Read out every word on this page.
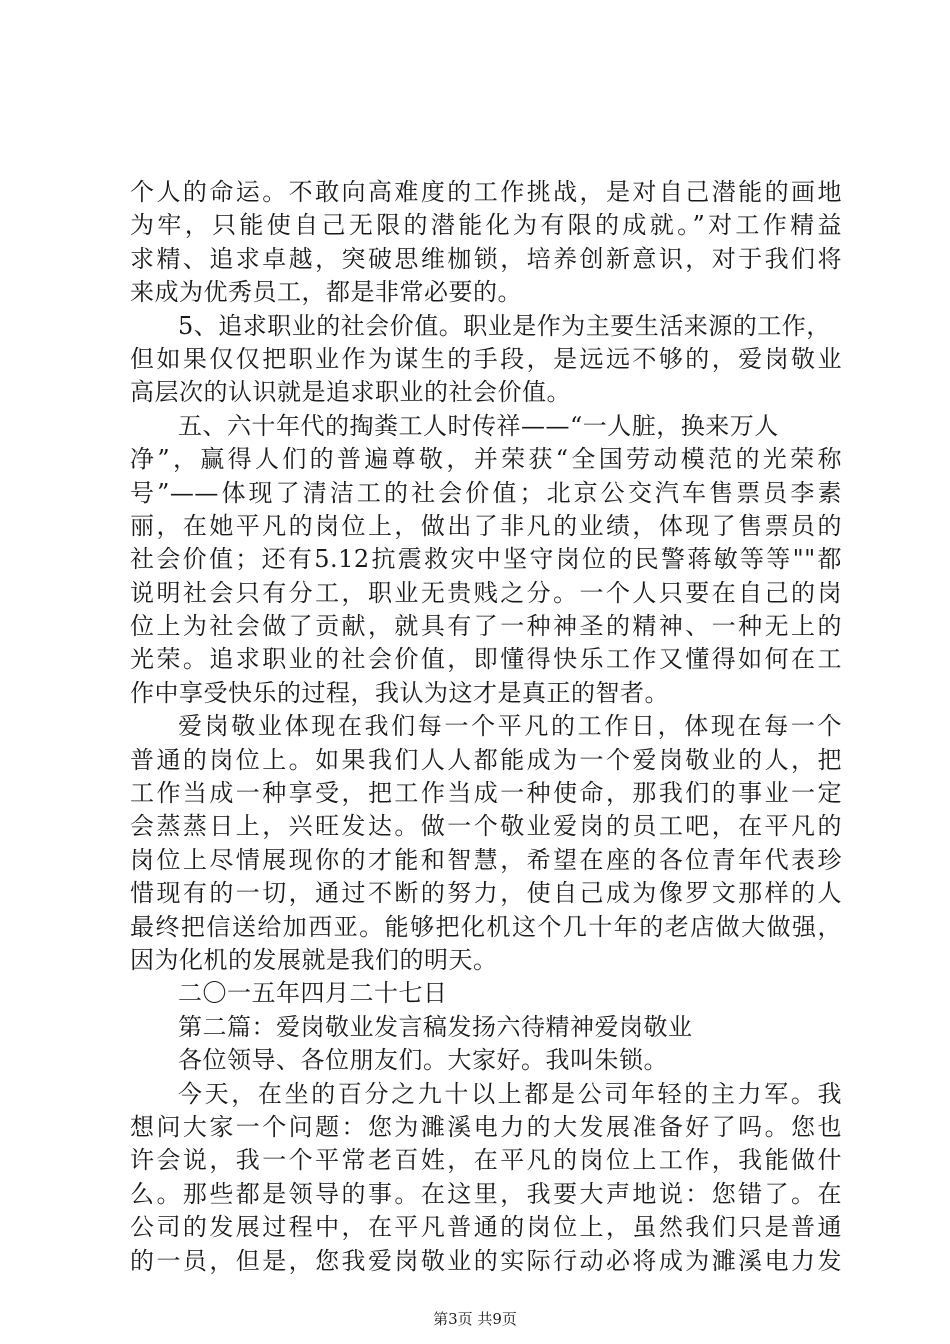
个人的命运。不敢向高难度的工作挑战，是对自己潜能的画地
为牢，只能使自己无限的潜能化为有限的成就。”对工作精益
求精、追求卓越，突破思维枷锁，培养创新意识，对于我们将
来成为优秀员工，都是非常必要的。
5、追求职业的社会价值。职业是作为主要生活来源的工作，
但如果仅仅把职业作为谋生的手段，是远远不够的，爱岗敬业
高层次的认识就是追求职业的社会价值。
五、六十年代的掏粪工人时传祥——“一人脏，换来万人
净”，赢得人们的普遍尊敬，并荣获“全国劳动模范的光荣称
号”——体现了清洁工的社会价值；北京公交汽车售票员李素
丽，在她平凡的岗位上，做出了非凡的业绩，体现了售票员的
社会价值；还有5.12抗震救灾中坚守岗位的民警蒋敏等等""都
说明社会只有分工，职业无贵贱之分。一个人只要在自己的岗
位上为社会做了贡献，就具有了一种神圣的精神、一种无上的
光荣。追求职业的社会价值，即懂得快乐工作又懂得如何在工
作中享受快乐的过程，我认为这才是真正的智者。
爱岗敬业体现在我们每一个平凡的工作日，体现在每一个
普通的岗位上。如果我们人人都能成为一个爱岗敬业的人，把
工作当成一种享受，把工作当成一种使命，那我们的事业一定
会蒸蒸日上，兴旺发达。做一个敬业爱岗的员工吧，在平凡的
岗位上尽情展现你的才能和智慧，希望在座的各位青年代表珍
惜现有的一切，通过不断的努力，使自己成为像罗文那样的人
最终把信送给加西亚。能够把化机这个几十年的老店做大做强，
因为化机的发展就是我们的明天。
二〇一五年四月二十七日
第二篇：爱岗敬业发言稿发扬六待精神爱岗敬业
各位领导、各位朋友们。大家好。我叫朱锁。
今天，在坐的百分之九十以上都是公司年轻的主力军。我
想问大家一个问题：您为濉溪电力的大发展准备好了吗。您也
许会说，我一个平常老百姓，在平凡的岗位上工作，我能做什
么。那些都是领导的事。在这里，我要大声地说：您错了。在
公司的发展过程中，在平凡普通的岗位上，虽然我们只是普通
的一员，但是，您我爱岗敬业的实际行动必将成为濉溪电力发
第3页 共9页
